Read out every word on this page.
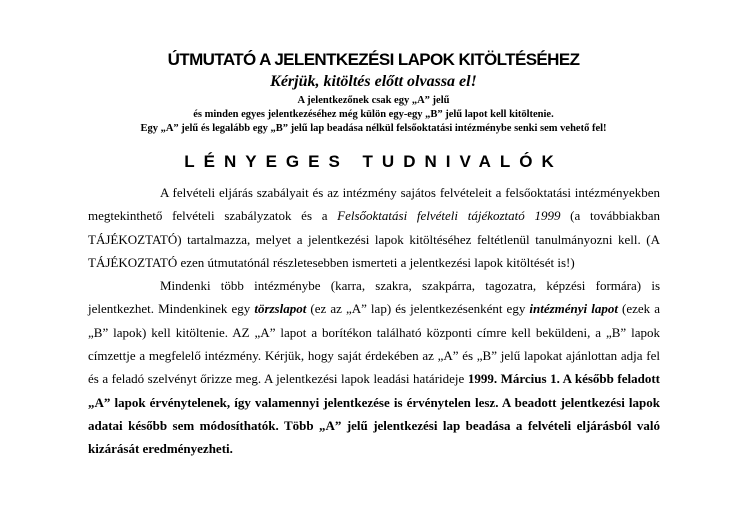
ÚTMUTATÓ A JELENTKEZÉSI LAPOK KITÖLTÉSÉHEZ
Kérjük, kitöltés előtt olvassa el!

A jelentkezőnek csak egy „A” jelű

és minden egyes jelentkezéséhez még külön egy-egy „B” jelű lapot kell kitöltenie.

Egy „A” jelű és legalább egy „B” jelű lap beadása nélkül felsőoktatási intézménybe senki sem vehető fel!

LÉNYEGES TUDNIVALÓK

A felvételi eljárás szabályait és az intézmény sajátos felvételeit a felsőoktatási intézményekben megtekinthető felvételi szabályzatok és a Felsőoktatási felvételi tájékoztató 1999 (a továbbiakban TÁJÉKOZTATÓ) tartalmazza, melyet a jelentkezési lapok kitöltéséhez feltétlenül tanulmányozni kell. (A TÁJÉKOZTATÓ ezen útmutatónál részletesebben ismerteti a jelentkezési lapok kitöltését is!)

Mindenki több intézménybe (karra, szakra, szakpárra, tagozatra, képzési formára) is jelentkezhet. Mindenkinek egy törzslapot (ez az „A” lap) és jelentkezésenként egy intézményi lapot (ezek a „B” lapok) kell kitöltenie. AZ „A” lapot a borítékon található központi címre kell beküldeni, a „B” lapok címzettje a megfelelő intézmény. Kérjük, hogy saját érdekében az „A” és „B” jelű lapokat ajánlottan adja fel és a feladó szelvényt őrizze meg. A jelentkezési lapok leadási határideje 1999. Március 1. A később feladott „A” lapok érvénytelenek, így valamennyi jelentkezése is érvénytelen lesz. A beadott jelentkezési lapok adatai később sem módosíthatók. Több „A” jelű jelentkezési lap beadása a felvételi eljárásból való kizárását eredményezheti.
